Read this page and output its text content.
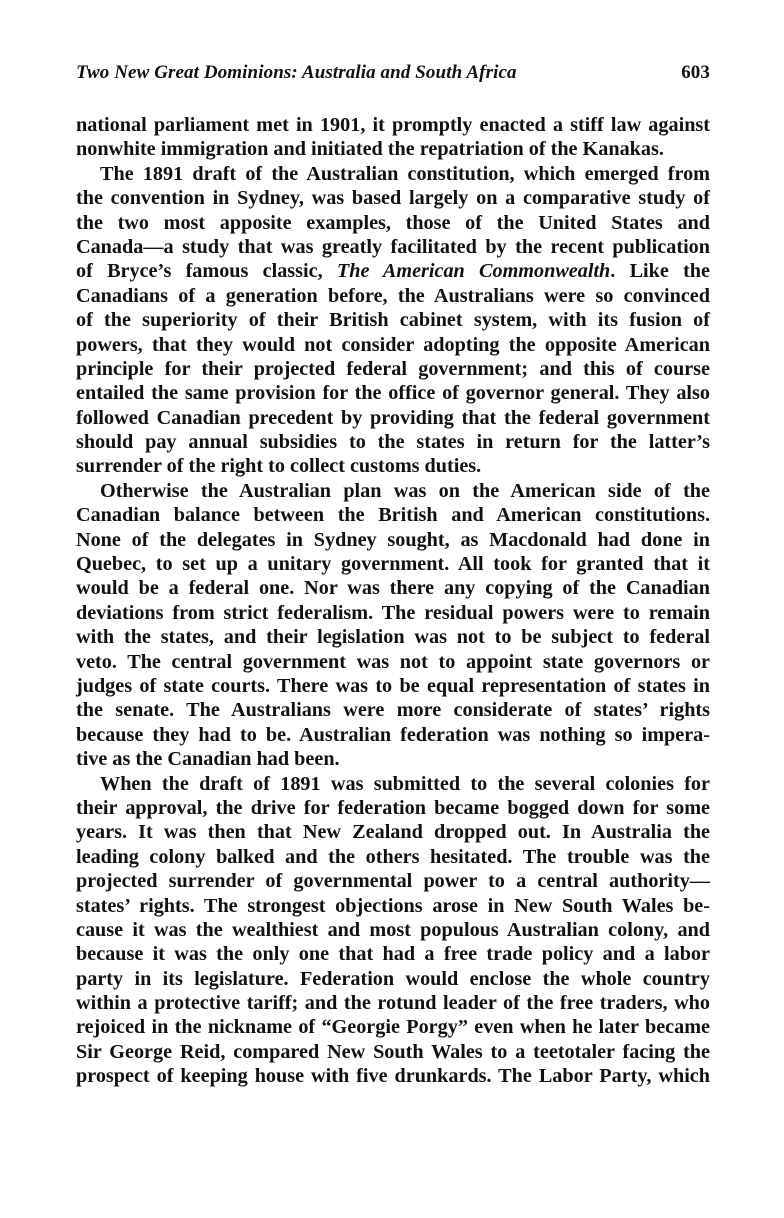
Two New Great Dominions: Australia and South Africa	603
national parliament met in 1901, it promptly enacted a stiff law against
nonwhite immigration and initiated the repatriation of the Kanakas.
The 1891 draft of the Australian constitution, which emerged from
the convention in Sydney, was based largely on a comparative study of
the two most apposite examples, those of the United States and
Canada—a study that was greatly facilitated by the recent publication
of Bryce’s famous classic, The American Commonwealth. Like the
Canadians of a generation before, the Australians were so convinced
of the superiority of their British cabinet system, with its fusion of
powers, that they would not consider adopting the opposite American
principle for their projected federal government; and this of course
entailed the same provision for the office of governor general. They also
followed Canadian precedent by providing that the federal government
should pay annual subsidies to the states in return for the latter’s
surrender of the right to collect customs duties.
Otherwise the Australian plan was on the American side of the
Canadian balance between the British and American constitutions.
None of the delegates in Sydney sought, as Macdonald had done in
Quebec, to set up a unitary government. All took for granted that it
would be a federal one. Nor was there any copying of the Canadian
deviations from strict federalism. The residual powers were to remain
with the states, and their legislation was not to be subject to federal
veto. The central government was not to appoint state governors or
judges of state courts. There was to be equal representation of states in
the senate. The Australians were more considerate of states’ rights
because they had to be. Australian federation was nothing so impera-
tive as the Canadian had been.
When the draft of 1891 was submitted to the several colonies for
their approval, the drive for federation became bogged down for some
years. It was then that New Zealand dropped out. In Australia the
leading colony balked and the others hesitated. The trouble was the
projected surrender of governmental power to a central authority—
states’ rights. The strongest objections arose in New South Wales be-
cause it was the wealthiest and most populous Australian colony, and
because it was the only one that had a free trade policy and a labor
party in its legislature. Federation would enclose the whole country
within a protective tariff; and the rotund leader of the free traders, who
rejoiced in the nickname of “Georgie Porgy” even when he later became
Sir George Reid, compared New South Wales to a teetotaler facing the
prospect of keeping house with five drunkards. The Labor Party, which
